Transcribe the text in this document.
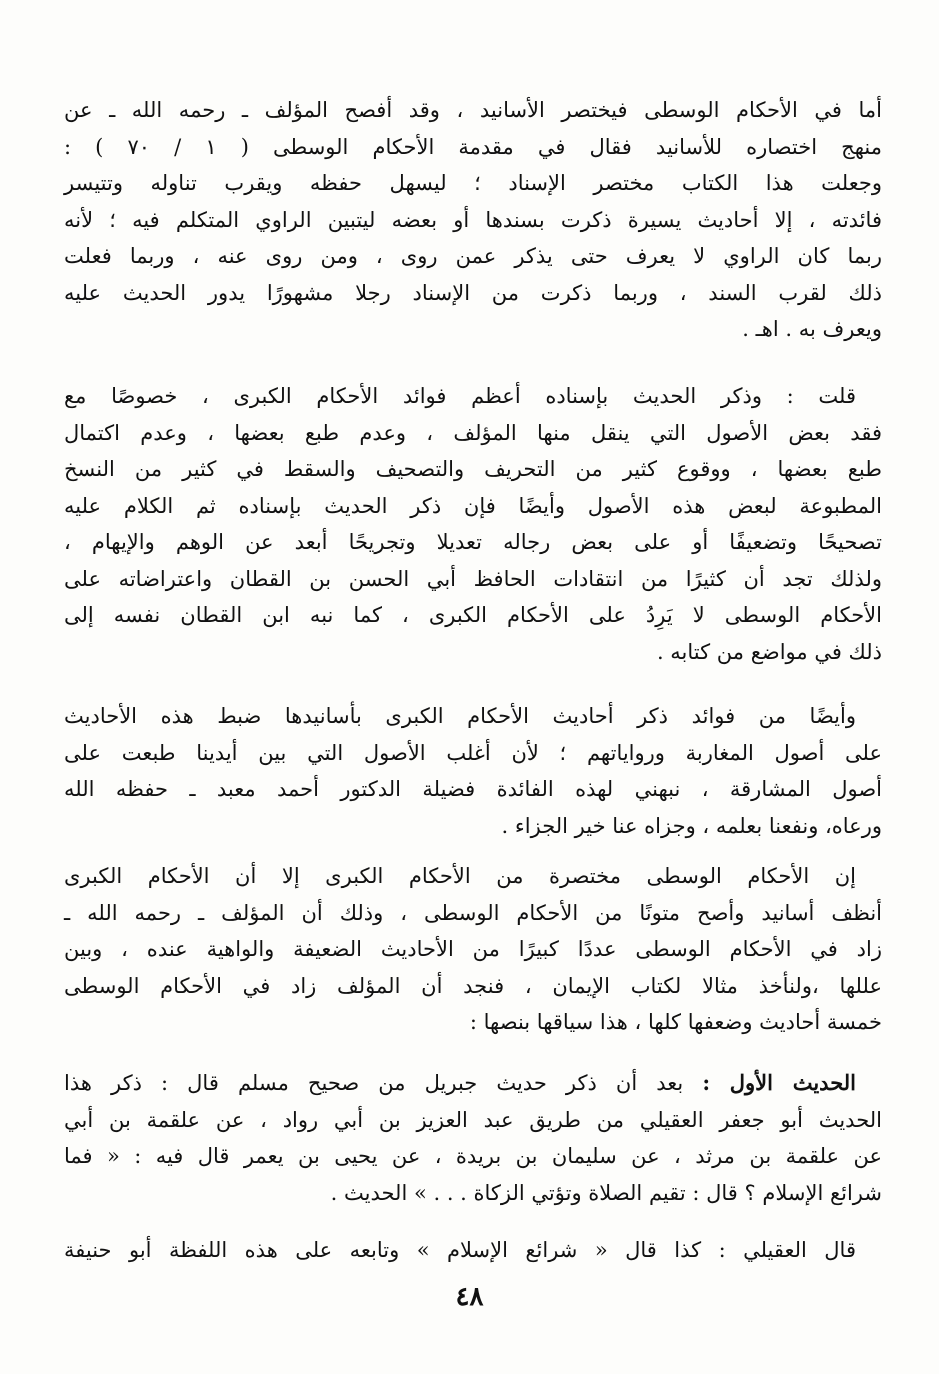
أما في الأحكام الوسطى فيختصر الأسانيد ، وقد أفصح المؤلف ـ رحمه الله ـ عن
منهج اختصاره للأسانيد فقال في مقدمة الأحكام الوسطى ( ١ / ٧٠ ) :
وجعلت هذا الكتاب مختصر الإسناد ؛ ليسهل حفظه ويقرب تناوله وتتيسر
فائدته ، إلا أحاديث يسيرة ذكرت بسندها أو بعضه ليتبين الراوي المتكلم فيه ؛ لأنه
ربما كان الراوي لا يعرف حتى يذكر عمن روى ، ومن روى عنه ، وربما فعلت
ذلك لقرب السند ، وربما ذكرت من الإسناد رجلا مشهورًا يدور الحديث عليه
ويعرف به . اهـ .
قلت : وذكر الحديث بإسناده أعظم فوائد الأحكام الكبرى ، خصوصًا مع
فقد بعض الأصول التي ينقل منها المؤلف ، وعدم طبع بعضها ، وعدم اكتمال
طبع بعضها ، ووقوع كثير من التحريف والتصحيف والسقط في كثير من النسخ
المطبوعة لبعض هذه الأصول وأيضًا فإن ذكر الحديث بإسناده ثم الكلام عليه
تصحيحًا وتضعيفًا أو على بعض رجاله تعديلا وتجريحًا أبعد عن الوهم والإيهام ،
ولذلك تجد أن كثيرًا من انتقادات الحافظ أبي الحسن بن القطان واعتراضاته على
الأحكام الوسطى لا يَرِدُ على الأحكام الكبرى ، كما نبه ابن القطان نفسه إلى
ذلك في مواضع من كتابه .
وأيضًا من فوائد ذكر أحاديث الأحكام الكبرى بأسانيدها ضبط هذه الأحاديث
على أصول المغاربة ورواياتهم ؛ لأن أغلب الأصول التي بين أيدينا طبعت على
أصول المشارقة ، نبهني لهذه الفائدة فضيلة الدكتور أحمد معبد ـ حفظه الله
ورعاه، ونفعنا بعلمه ، وجزاه عنا خير الجزاء .
إن الأحكام الوسطى مختصرة من الأحكام الكبرى إلا أن الأحكام الكبرى
أنظف أسانيد وأصح متونًا من الأحكام الوسطى ، وذلك أن المؤلف ـ رحمه الله ـ
زاد في الأحكام الوسطى عددًا كبيرًا من الأحاديث الضعيفة والواهية عنده ، وبين
عللها ،ولنأخذ مثالا لكتاب الإيمان ، فنجد أن المؤلف زاد في الأحكام الوسطى
خمسة أحاديث وضعفها كلها ، هذا سياقها بنصها :
الحديث الأول : بعد أن ذكر حديث جبريل من صحيح مسلم قال : ذكر هذا
الحديث أبو جعفر العقيلي من طريق عبد العزيز بن أبي رواد ، عن علقمة بن أبي
عن علقمة بن مرثد ، عن سليمان بن بريدة ، عن يحيى بن يعمر قال فيه : « فما
شرائع الإسلام ؟ قال : تقيم الصلاة وتؤتي الزكاة . . . » الحديث .
قال العقيلي : كذا قال « شرائع الإسلام » وتابعه على هذه اللفظة أبو حنيفة
٤٨
